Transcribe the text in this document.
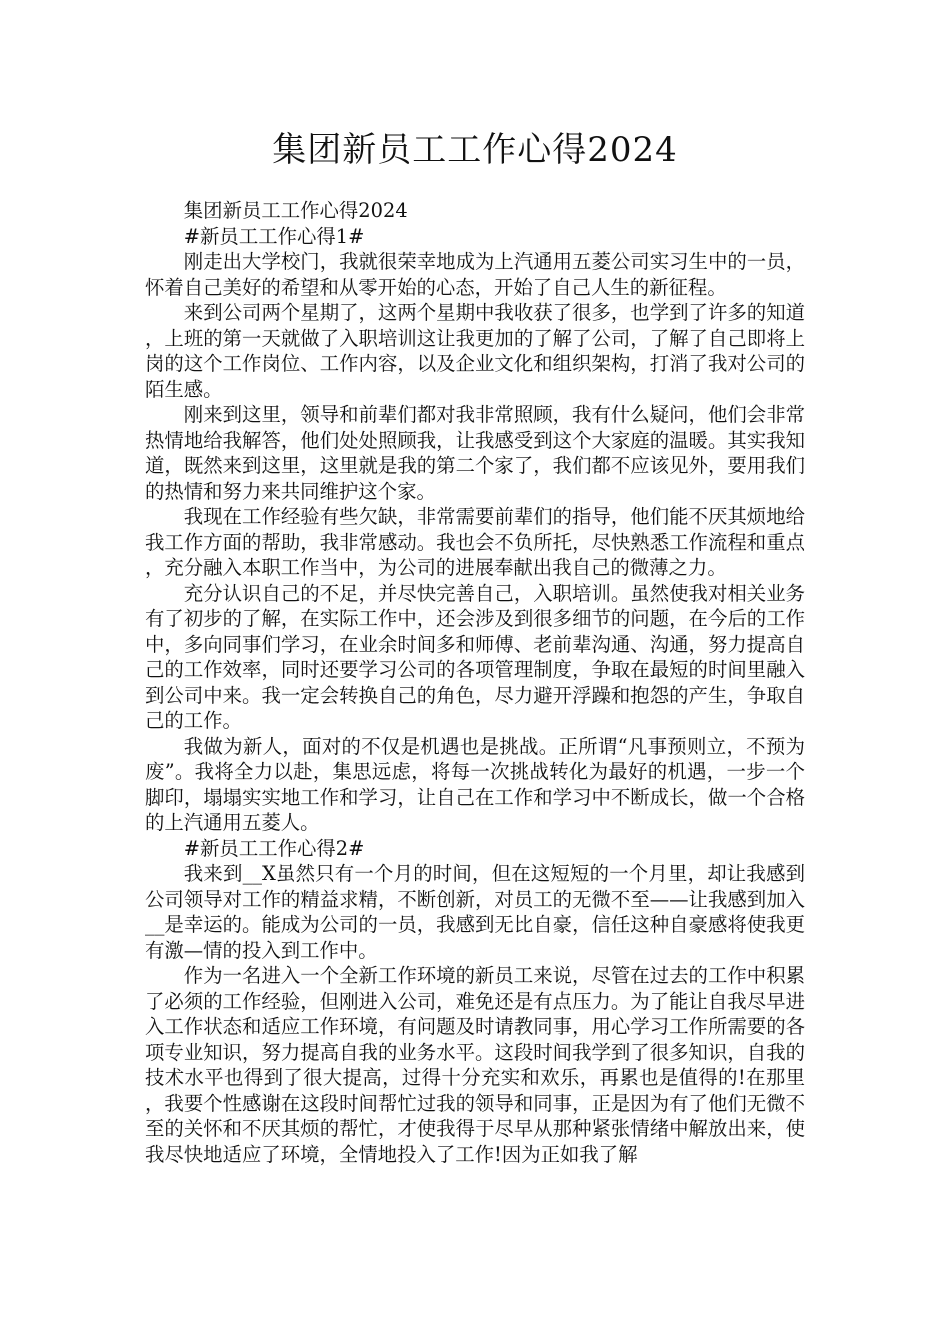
集团新员工工作心得2024

集团新员工工作心得2024

#新员工工作心得1#

刚走出大学校门，我就很荣幸地成为上汽通用五菱公司实习生中的一员，怀着自己美好的希望和从零开始的心态，开始了自己人生的新征程。

来到公司两个星期了，这两个星期中我收获了很多，也学到了许多的知道，上班的第一天就做了入职培训这让我更加的了解了公司，了解了自己即将上岗的这个工作岗位、工作内容，以及企业文化和组织架构，打消了我对公司的陌生感。

刚来到这里，领导和前辈们都对我非常照顾，我有什么疑问，他们会非常热情地给我解答，他们处处照顾我，让我感受到这个大家庭的温暖。其实我知道，既然来到这里，这里就是我的第二个家了，我们都不应该见外，要用我们的热情和努力来共同维护这个家。

我现在工作经验有些欠缺，非常需要前辈们的指导，他们能不厌其烦地给我工作方面的帮助，我非常感动。我也会不负所托，尽快熟悉工作流程和重点，充分融入本职工作当中，为公司的进展奉献出我自己的微薄之力。

充分认识自己的不足，并尽快完善自己，入职培训。虽然使我对相关业务有了初步的了解，在实际工作中，还会涉及到很多细节的问题，在今后的工作中，多向同事们学习，在业余时间多和师傅、老前辈沟通、沟通，努力提高自己的工作效率，同时还要学习公司的各项管理制度，争取在最短的时间里融入到公司中来。我一定会转换自己的角色，尽力避开浮躁和抱怨的产生，争取自己的工作。

我做为新人，面对的不仅是机遇也是挑战。正所谓“凡事预则立，不预为废”。我将全力以赴，集思远虑，将每一次挑战转化为最好的机遇，一步一个脚印，塌塌实实地工作和学习，让自己在工作和学习中不断成长，做一个合格的上汽通用五菱人。

#新员工工作心得2#

我来到__X虽然只有一个月的时间，但在这短短的一个月里，却让我感到公司领导对工作的精益求精，不断创新，对员工的无微不至——让我感到加入__是幸运的。能成为公司的一员，我感到无比自豪，信任这种自豪感将使我更有激—情的投入到工作中。

作为一名进入一个全新工作环境的新员工来说，尽管在过去的工作中积累了必须的工作经验，但刚进入公司，难免还是有点压力。为了能让自我尽早进入工作状态和适应工作环境，有问题及时请教同事，用心学习工作所需要的各项专业知识，努力提高自我的业务水平。这段时间我学到了很多知识，自我的技术水平也得到了很大提高，过得十分充实和欢乐，再累也是值得的!在那里，我要个性感谢在这段时间帮忙过我的领导和同事，正是因为有了他们无微不至的关怀和不厌其烦的帮忙，才使我得于尽早从那种紧张情绪中解放出来，使我尽快地适应了环境，全情地投入了工作!因为正如我了解
